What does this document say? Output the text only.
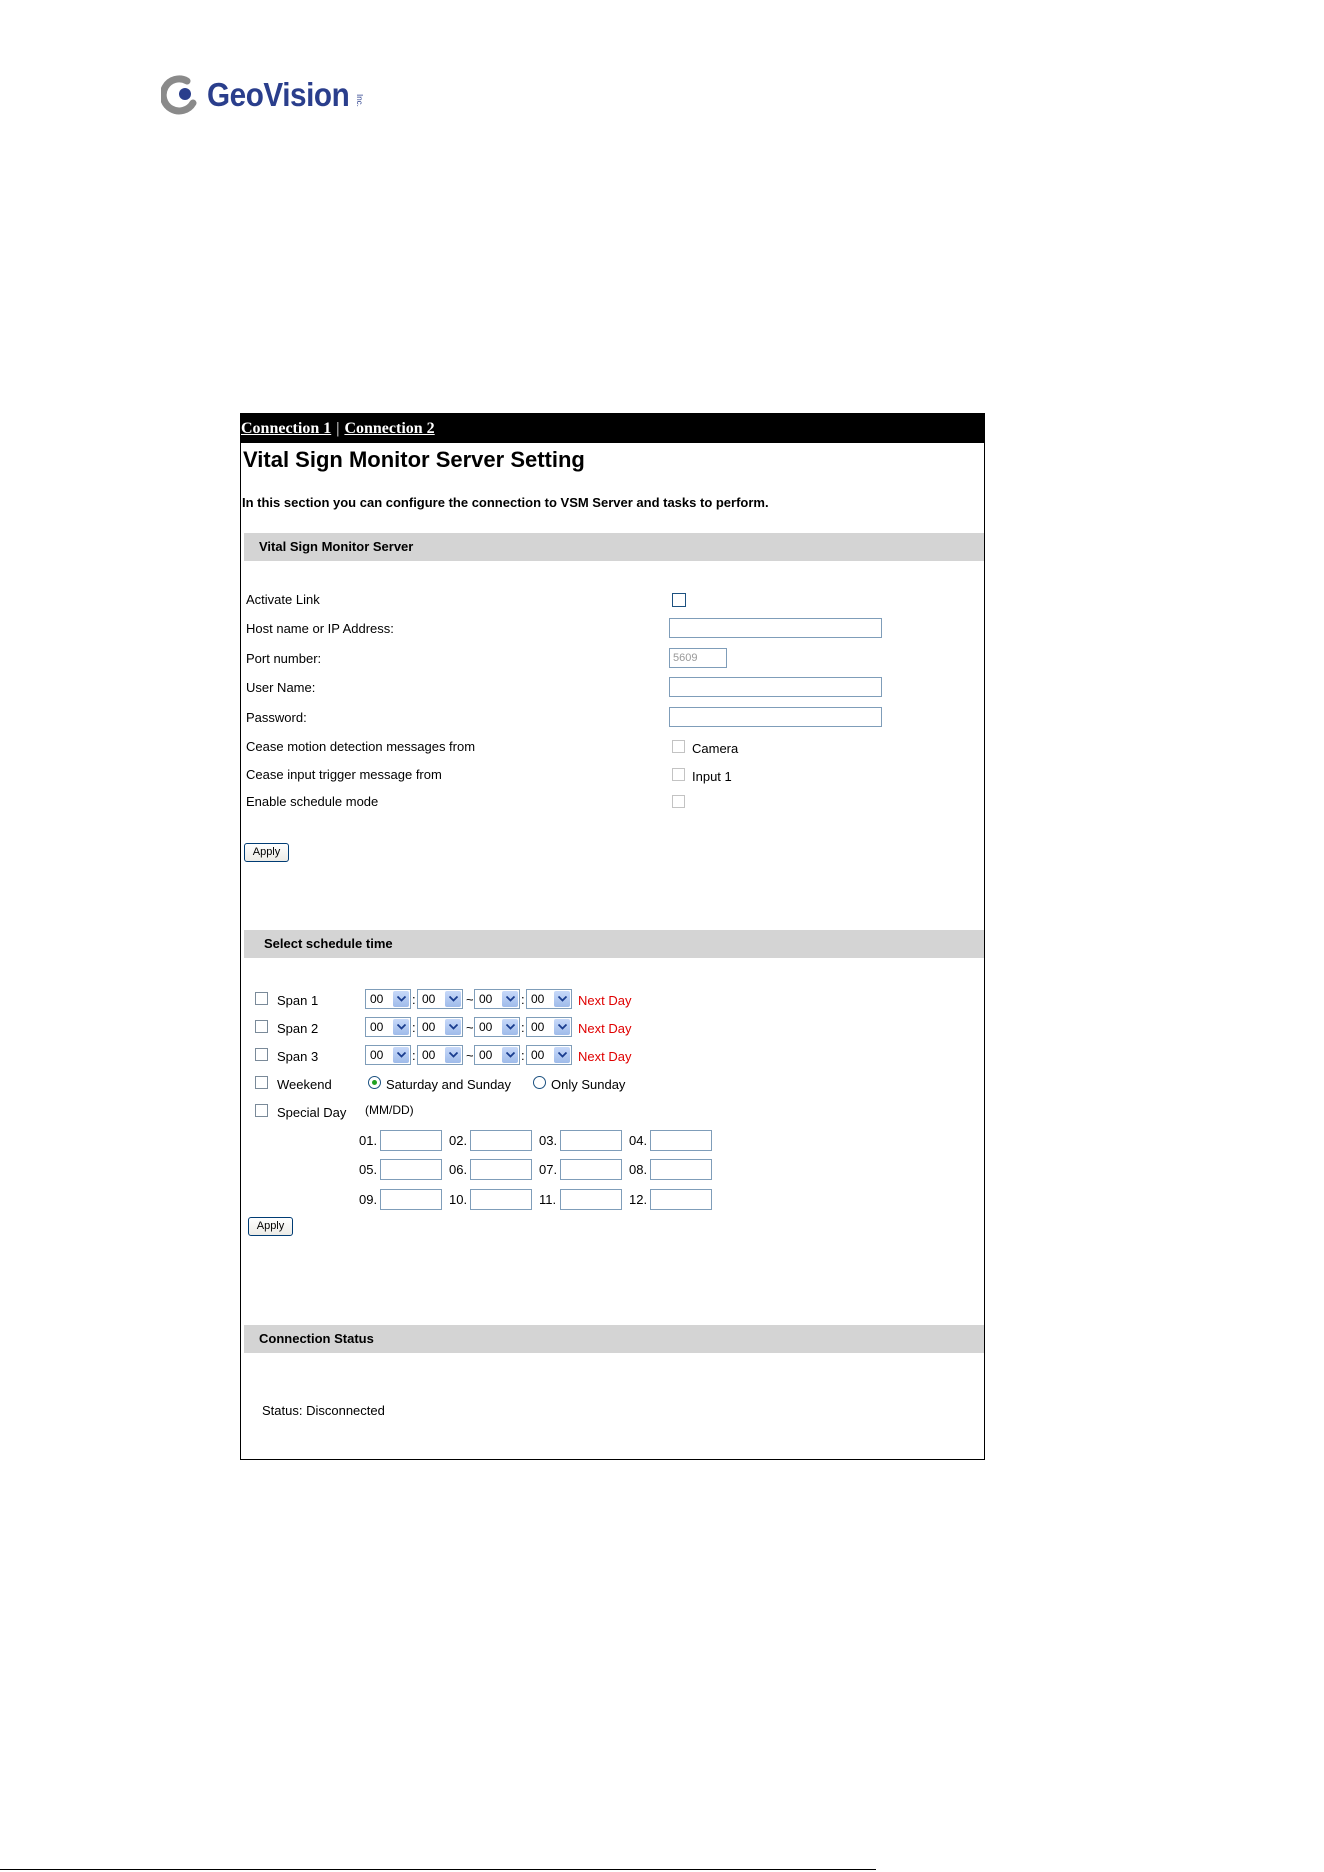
GeoVision Inc.
Connection 1 | Connection 2
Vital Sign Monitor Server Setting
In this section you can configure the connection to VSM Server and tasks to perform.
Vital Sign Monitor Server
Activate Link
Host name or IP Address:
Port number:	5609
User Name:
Password:
Cease motion detection messages from	Camera
Cease input trigger message from	Input 1
Enable schedule mode
Apply
Select schedule time
Span 1	00	: 00	~ 00	: 00	Next Day
Span 2	00	: 00	~ 00	: 00	Next Day
Span 3	00	: 00	~ 00	: 00	Next Day
Weekend	Saturday and Sunday	Only Sunday
Special Day (MM/DD)
01.	02.	03.	04.
05.	06.	07.	08.
09.	10.	11.	12.
Apply
Connection Status
Status: Disconnected
